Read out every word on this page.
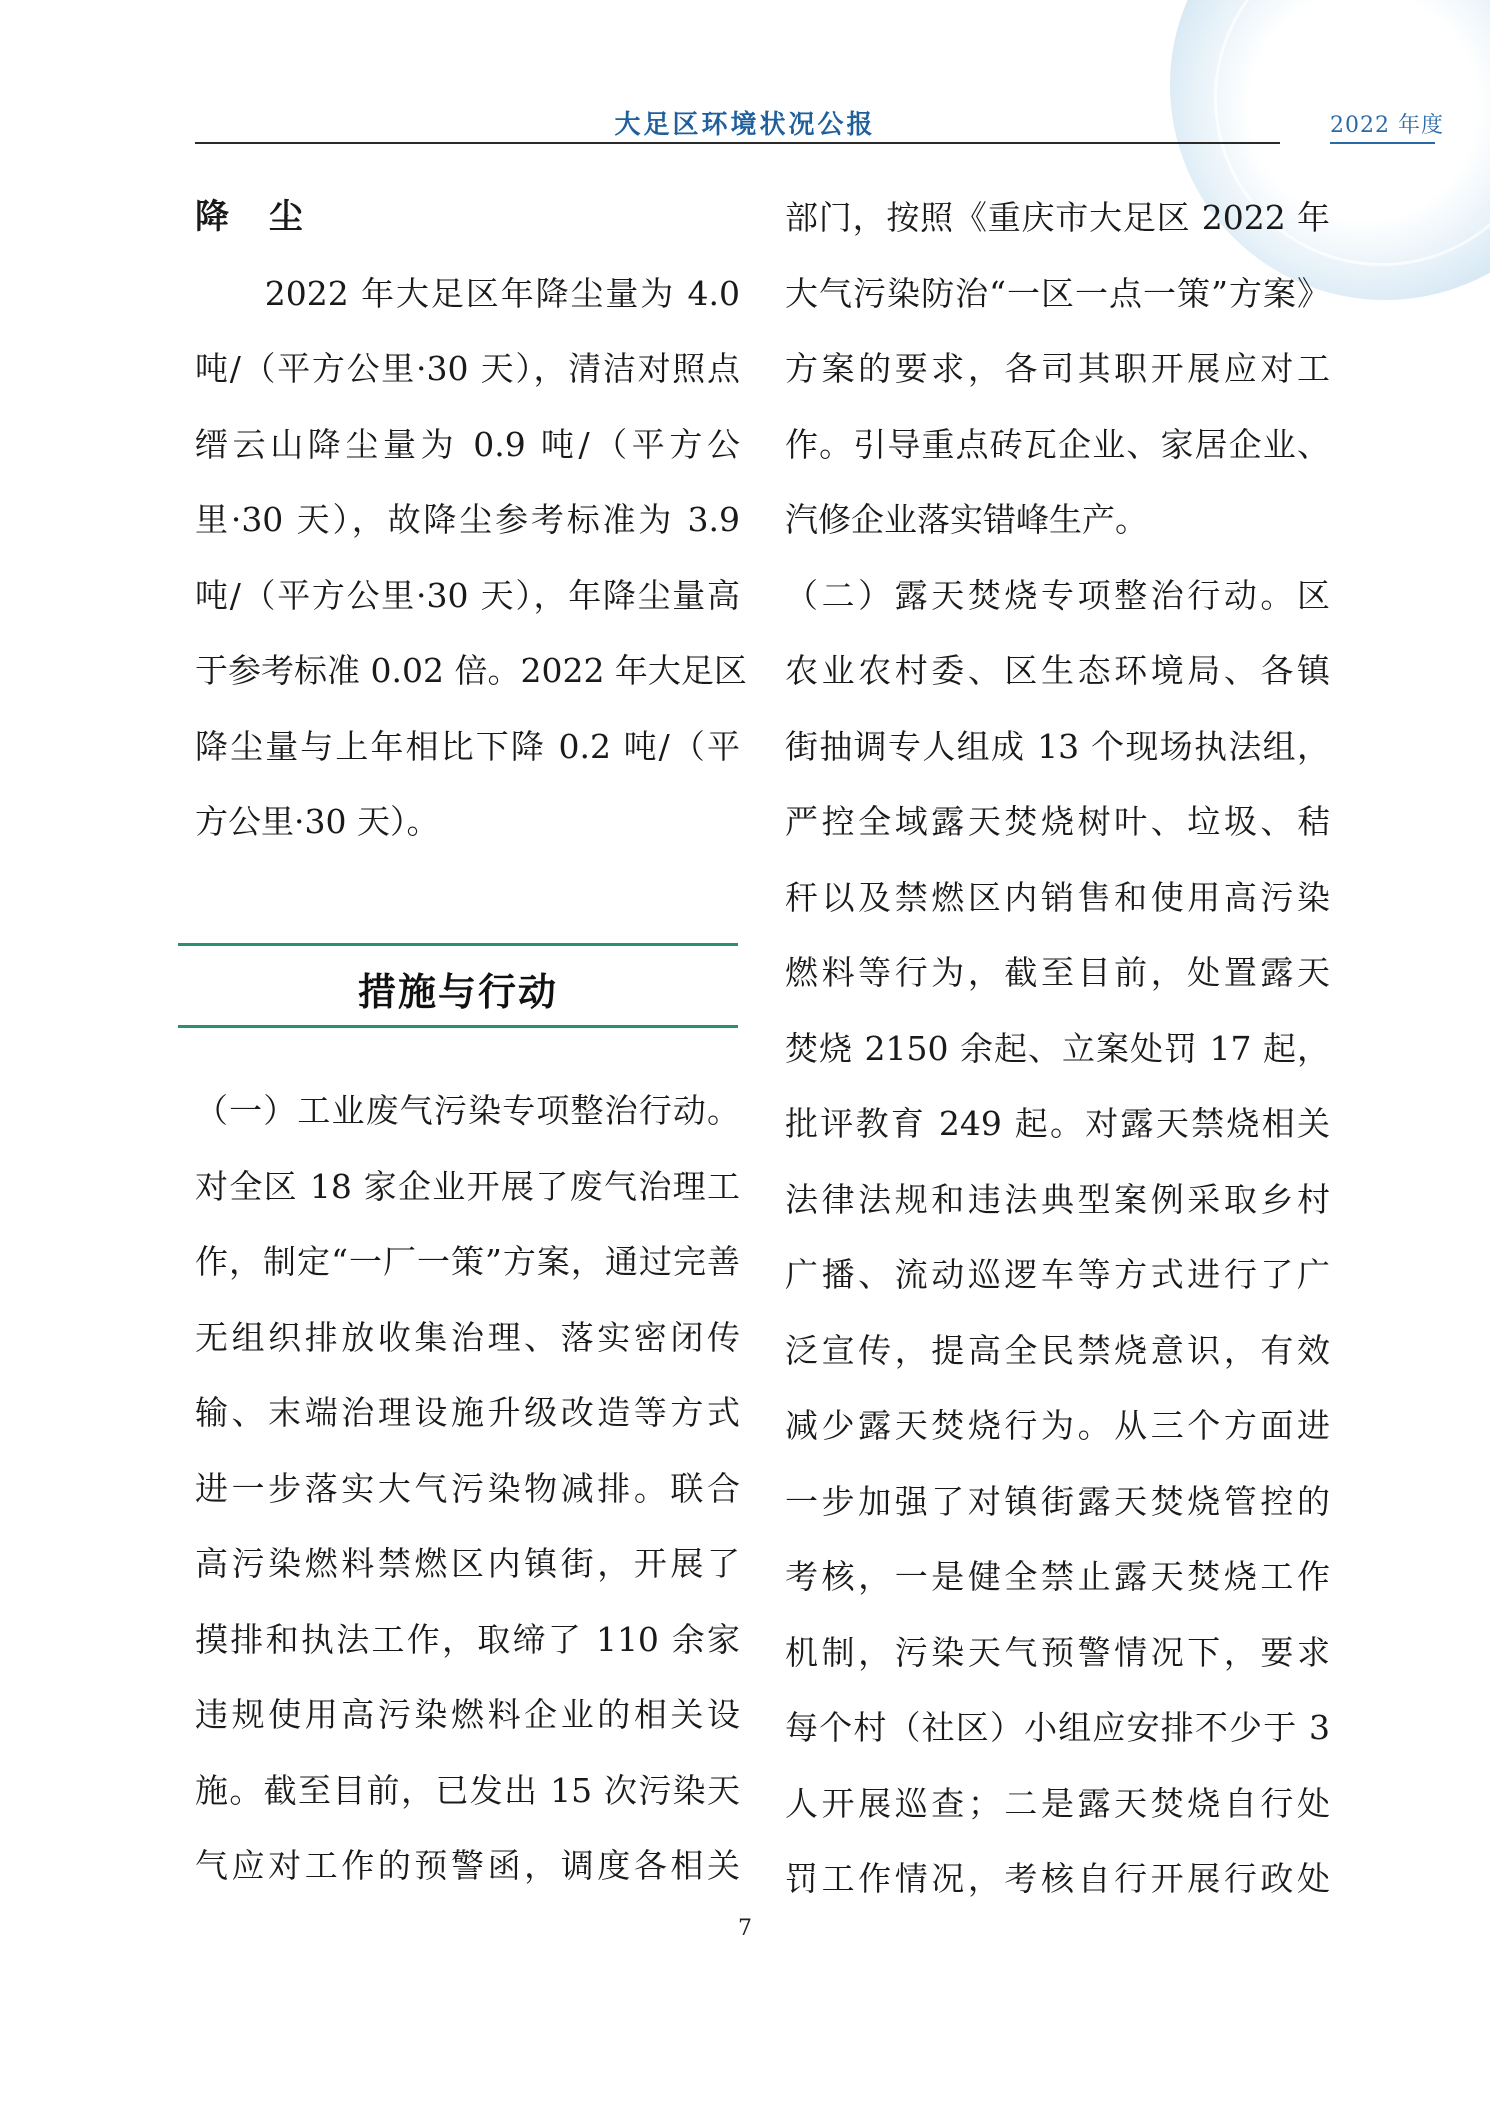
大足区环境状况公报	2022 年度
降 尘
　　2022 年大足区年降尘量为 4.0
吨/（平方公里·30 天），清洁对照点
缙云山降尘量为 0.9 吨/（平方公
里·30 天），故降尘参考标准为 3.9
吨/（平方公里·30 天），年降尘量高
于参考标准 0.02 倍。2022 年大足区
降尘量与上年相比下降 0.2 吨/（平
方公里·30 天）。
措施与行动
（一）工业废气污染专项整治行动。
对全区 18 家企业开展了废气治理工
作，制定“一厂一策”方案，通过完善
无组织排放收集治理、落实密闭传
输、末端治理设施升级改造等方式
进一步落实大气污染物减排。联合
高污染燃料禁燃区内镇街，开展了
摸排和执法工作，取缔了 110 余家
违规使用高污染燃料企业的相关设
施。截至目前，已发出 15 次污染天
气应对工作的预警函，调度各相关
部门，按照《重庆市大足区 2022 年
大气污染防治“一区一点一策”方案》
方案的要求，各司其职开展应对工
作。引导重点砖瓦企业、家居企业、
汽修企业落实错峰生产。
（二）露天焚烧专项整治行动。区
农业农村委、区生态环境局、各镇
街抽调专人组成 13 个现场执法组，
严控全域露天焚烧树叶、垃圾、秸
秆以及禁燃区内销售和使用高污染
燃料等行为，截至目前，处置露天
焚烧 2150 余起、立案处罚 17 起，
批评教育 249 起。对露天禁烧相关
法律法规和违法典型案例采取乡村
广播、流动巡逻车等方式进行了广
泛宣传，提高全民禁烧意识，有效
减少露天焚烧行为。从三个方面进
一步加强了对镇街露天焚烧管控的
考核，一是健全禁止露天焚烧工作
机制，污染天气预警情况下，要求
每个村（社区）小组应安排不少于 3
人开展巡查；二是露天焚烧自行处
罚工作情况，考核自行开展行政处
7
